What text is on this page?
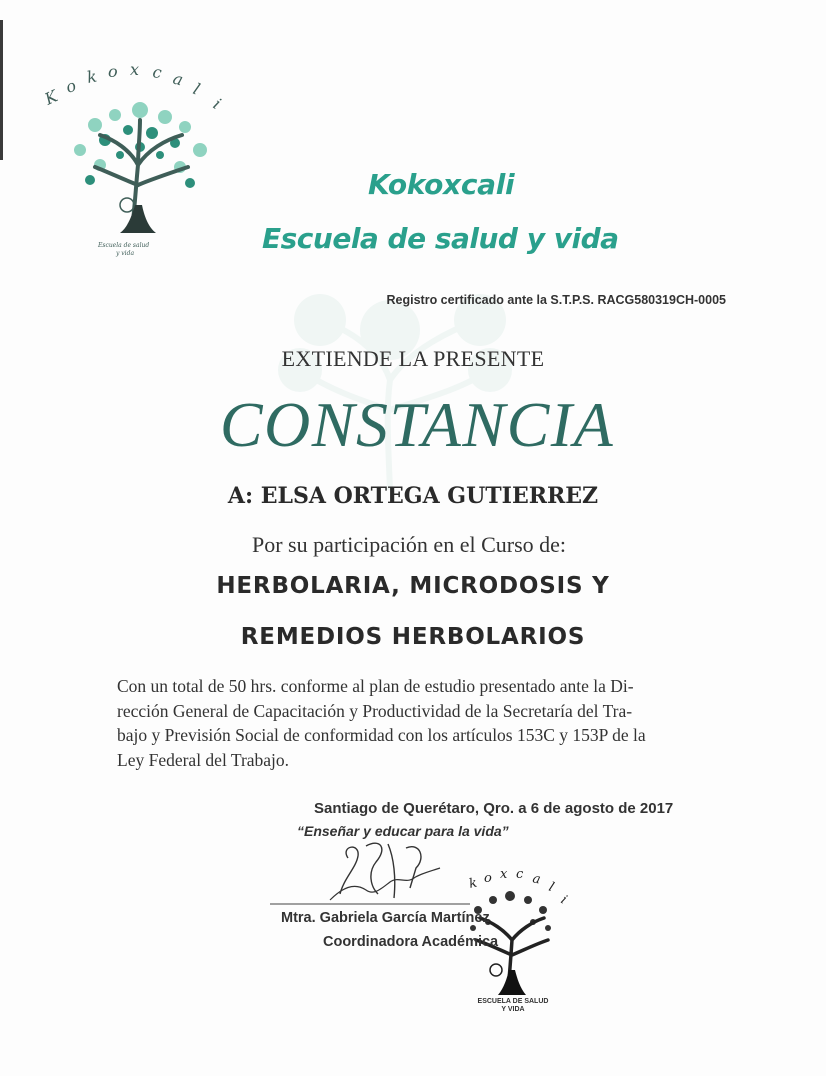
K
o k o x c a l
i
Escuela de salud
y vida
Kokoxcali
Escuela de salud y vida

Registro certificado ante la S.T.P.S. RACG580319CH-0005

EXTIENDE LA PRESENTE

CONSTANCIA

A: ELSA ORTEGA GUTIERREZ

Por su participación en el Curso de:

HERBOLARIA, MICRODOSIS Y

REMEDIOS HERBOLARIOS

Con un total de 50 hrs. conforme al plan de estudio presentado ante la Di-
rección General de Capacitación y Productividad de la Secretaría del Tra-
bajo y Previsión Social de conformidad con los artículos 153C y 153P de la
Ley Federal del Trabajo.

Santiago de Querétaro, Qro. a 6 de agosto de 2017

“Enseñar y educar para la vida”

k o x c a
l
i
ESCUELA DE SALUD
Y VIDA

Mtra. Gabriela García Martínez

Coordinadora Académica
